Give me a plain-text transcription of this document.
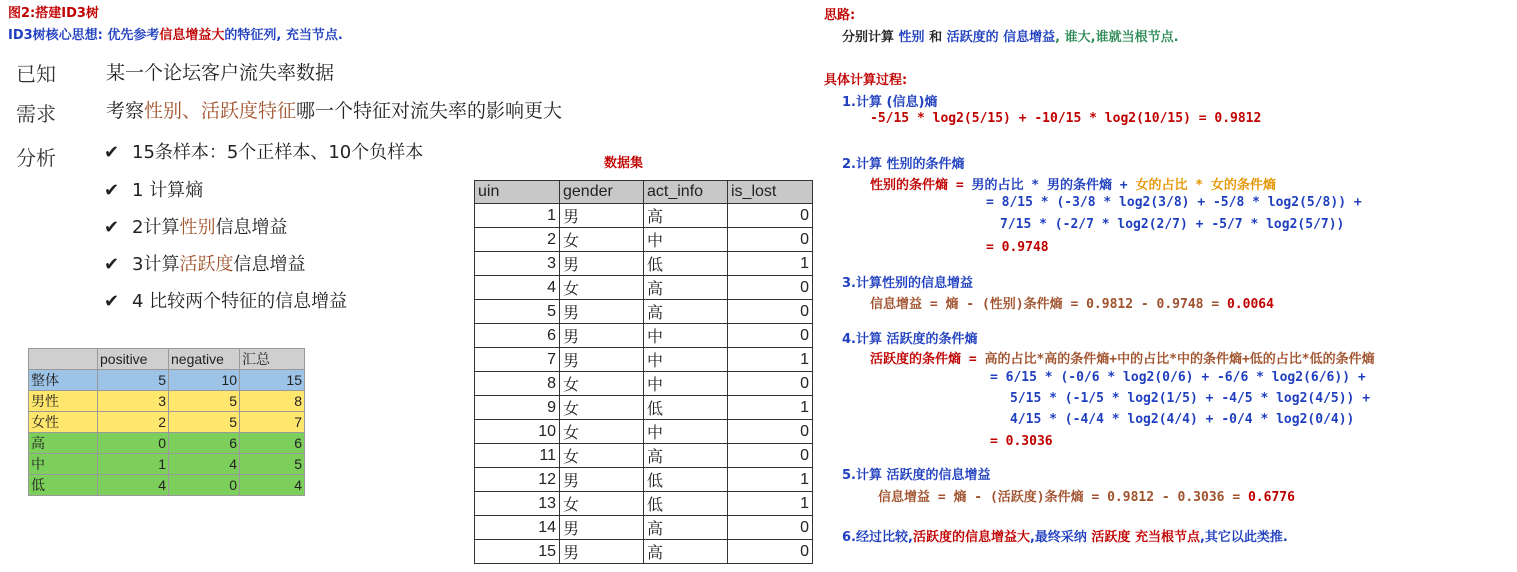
图2:搭建ID3树
ID3树核心思想: 优先参考信息增益大的特征列, 充当节点.
已知	某一个论坛客户流失率数据
需求	考察性别、活跃度特征哪一个特征对流失率的影响更大
分析	✔ 15条样本：5个正样本、10个负样本
✔ 1 计算熵
✔ 2计算性别信息增益
✔ 3计算活跃度信息增益
✔ 4 比较两个特征的信息增益
	positive	negative	汇总
整体	5	10	15
男性	3	5	8
女性	2	5	7
高	0	6	6
中	1	4	5
低	4	0	4
数据集
uin	gender	act_info	is_lost
1	男	高	0
2	女	中	0
3	男	低	1
4	女	高	0
5	男	高	0
6	男	中	0
7	男	中	1
8	女	中	0
9	女	低	1
10	女	中	0
11	女	高	0
12	男	低	1
13	女	低	1
14	男	高	0
15	男	高	0
思路:
分别计算 性别 和 活跃度的 信息增益, 谁大,谁就当根节点.
具体计算过程:
1.计算 (信息)熵
-5/15 * log2(5/15) + -10/15 * log2(10/15) = 0.9812
2.计算 性别的条件熵
性别的条件熵 = 男的占比 * 男的条件熵 + 女的占比 * 女的条件熵
= 8/15 * (-3/8 * log2(3/8) + -5/8 * log2(5/8)) +
7/15 * (-2/7 * log2(2/7) + -5/7 * log2(5/7))
= 0.9748
3.计算性别的信息增益
信息增益 = 熵 - (性别)条件熵 = 0.9812 - 0.9748 = 0.0064
4.计算 活跃度的条件熵
活跃度的条件熵 = 高的占比*高的条件熵+中的占比*中的条件熵+低的占比*低的条件熵
= 6/15 * (-0/6 * log2(0/6) + -6/6 * log2(6/6)) +
5/15 * (-1/5 * log2(1/5) + -4/5 * log2(4/5)) +
4/15 * (-4/4 * log2(4/4) + -0/4 * log2(0/4))
= 0.3036
5.计算 活跃度的信息增益
信息增益 = 熵 - (活跃度)条件熵 = 0.9812 - 0.3036 = 0.6776
6.经过比较,活跃度的信息增益大,最终采纳 活跃度 充当根节点,其它以此类推.
